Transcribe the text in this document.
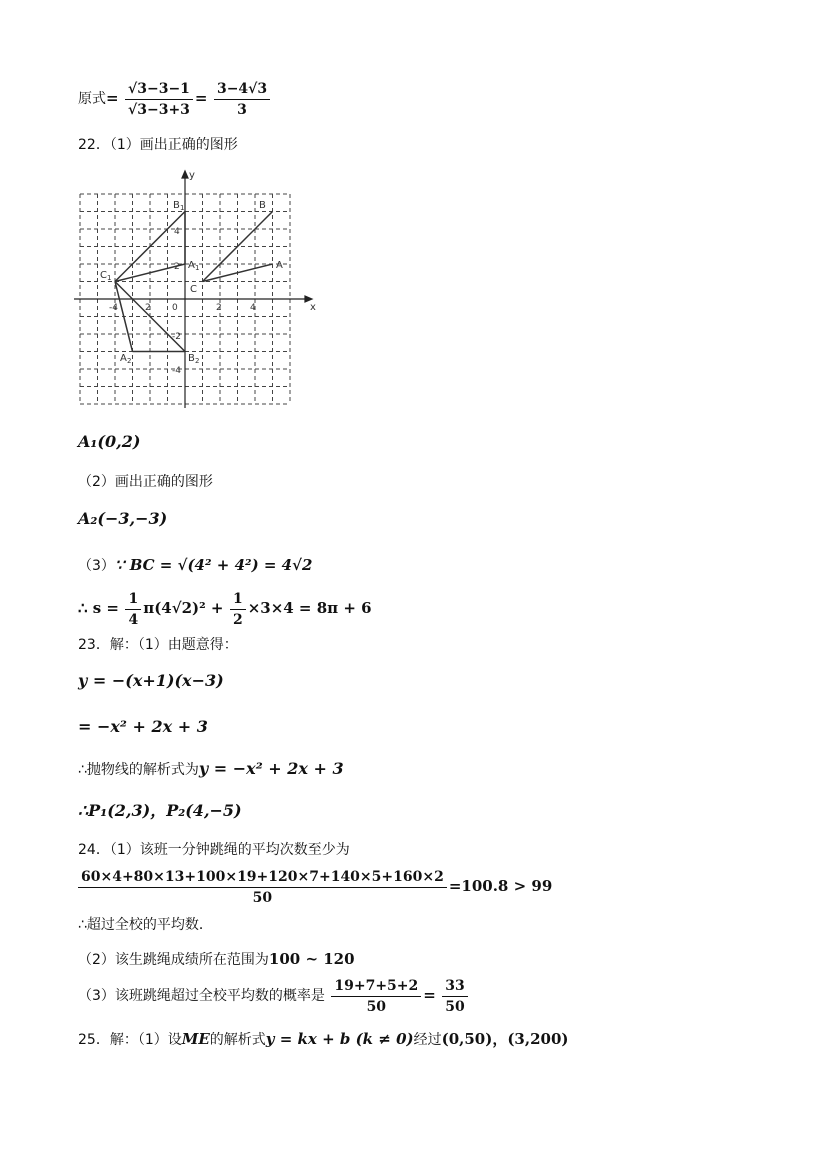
原式= $\frac{√3-3-1}{√3-3+3} = \frac{3-4√3}{3}$
22．（1）画出正确的图形
-4	2 0	2	4
4
2
-2
-4
x
y
B 1	B
A
A 1
C
C 1
A 2	B 2
A₁(0,2)
（2）画出正确的图形
A₂(−3,−3)
（3）∵ BC = √(4² + 4²) = 4√2
∴ $s = \frac{1}{4} \pi(4√2)^2 + \frac{1}{2} \times 3\times 4 = 8\pi + 6$
23．解：（1）由题意得：
y = −(x+1)(x−3)
= −x² + 2x + 3
∴抛物线的解析式为y = −x² + 2x + 3
∴P₁(2,3)，P₂(4,−5)
24．（1）该班一分钟跳绳的平均次数至少为
$\frac{60\times 4+80\times 13+100\times 19+120\times 7+140\times 5+160\times 2}{50} =100.8 > 99$
∴超过全校的平均数．
（2）该生跳绳成绩所在范围为100 ~ 120
（3）该班跳绳超过全校平均数的概率是 $\frac{19+7+5+2}{50} = \frac{33}{50}$
25．解：（1）设ME的解析式y = kx + b (k ≠ 0)经过(0,50)，(3,200)
